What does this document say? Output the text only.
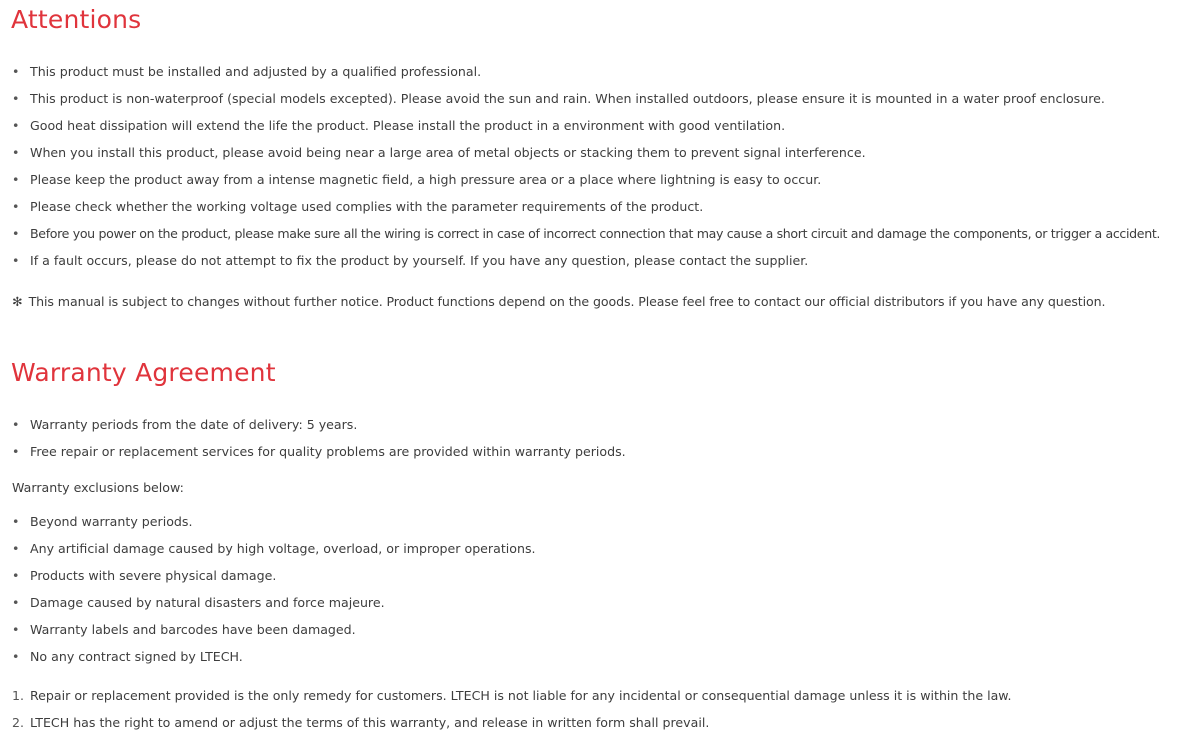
Attentions
• This product must be installed and adjusted by a qualified professional.
• This product is non-waterproof (special models excepted). Please avoid the sun and rain. When installed outdoors, please ensure it is mounted in a water proof enclosure.
• Good heat dissipation will extend the life the product. Please install the product in a environment with good ventilation.
• When you install this product, please avoid being near a large area of metal objects or stacking them to prevent signal interference.
• Please keep the product away from a intense magnetic field, a high pressure area or a place where lightning is easy to occur.
• Please check whether the working voltage used complies with the parameter requirements of the product.
• Before you power on the product, please make sure all the wiring is correct in case of incorrect connection that may cause a short circuit and damage the components, or trigger a accident.
• If a fault occurs, please do not attempt to fix the product by yourself. If you have any question, please contact the supplier.
✻ This manual is subject to changes without further notice. Product functions depend on the goods. Please feel free to contact our official distributors if you have any question.
Warranty Agreement
• Warranty periods from the date of delivery: 5 years.
• Free repair or replacement services for quality problems are provided within warranty periods.
Warranty exclusions below:
• Beyond warranty periods.
• Any artificial damage caused by high voltage, overload, or improper operations.
• Products with severe physical damage.
• Damage caused by natural disasters and force majeure.
• Warranty labels and barcodes have been damaged.
• No any contract signed by LTECH.
1. Repair or replacement provided is the only remedy for customers. LTECH is not liable for any incidental or consequential damage unless it is within the law.
2. LTECH has the right to amend or adjust the terms of this warranty, and release in written form shall prevail.
